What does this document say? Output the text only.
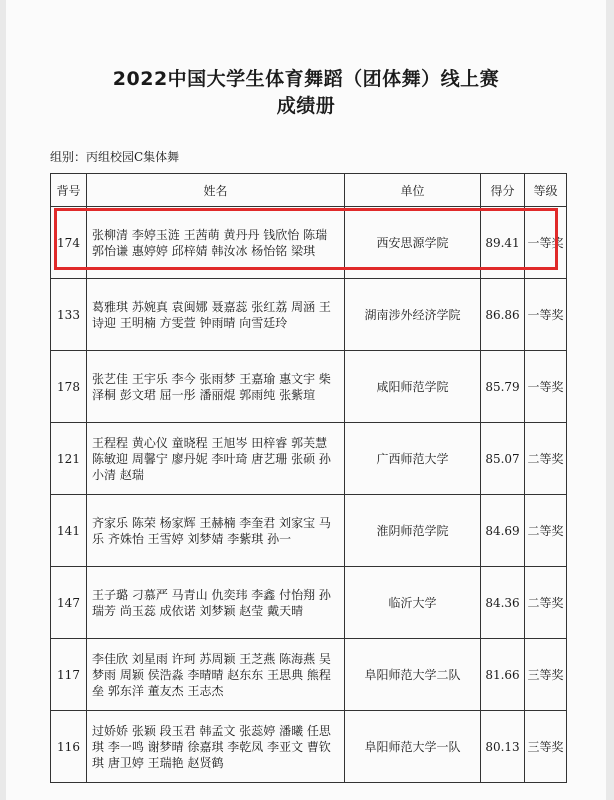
2022中国大学生体育舞蹈（团体舞）线上赛
成绩册
组别：丙组校园C集体舞
背号	姓名	单位	得分	等级
174	张柳清 李婷玉涟 王茜萌 黄丹丹 钱欣怡 陈瑞 郭怡谦 惠婷婷 邱梓婧 韩汝冰 杨怡铭 梁琪	西安思源学院	89.41	一等奖
133	葛雅琪 苏婉真 袁闽娜 聂嘉蕊 张红荔 周涵 王诗迎 王明楠 方雯萱 钟雨晴 向雪廷玲	湖南涉外经济学院	86.86	一等奖
178	张艺佳 王宇乐 李今 张雨梦 王嘉瑜 惠文宇 柴泽桐 彭文珺 屈一彤 潘丽焜 郭雨纯 张紫瑄	咸阳师范学院	85.79	一等奖
121	王程程 黄心仪 童晓程 王旭岑 田梓睿 郭芙慧 陈敏迎 周馨宁 廖丹妮 李叶琦 唐艺珊 张硕 孙小清 赵瑞	广西师范大学	85.07	二等奖
141	齐家乐 陈荣 杨家辉 王赫楠 李奎君 刘家宝 马乐 齐姝怡 王雪婷 刘梦婧 李紫琪 孙一	淮阴师范学院	84.69	二等奖
147	王子璐 刁慕严 马青山 仇奕玮 李鑫 付怡翔 孙瑞芳 尚玉蕊 成依诺 刘梦颖 赵莹 戴天晴	临沂大学	84.36	二等奖
117	李佳欣 刘星雨 许珂 苏周颖 王芝燕 陈海燕 吴梦雨 周颖 侯浩淼 李晴晴 赵东东 王思典 熊程垒 郭东洋 董友杰 王志杰	阜阳师范大学二队	81.66	三等奖
116	过娇娇 张颖 段玉君 韩孟文 张蕊婷 潘曦 任思琪 李一鸣 谢梦晴 徐嘉琪 李乾凤 李亚文 曹钦琪 唐卫婷 王瑞艳 赵贤鹤	阜阳师范大学一队	80.13	三等奖
